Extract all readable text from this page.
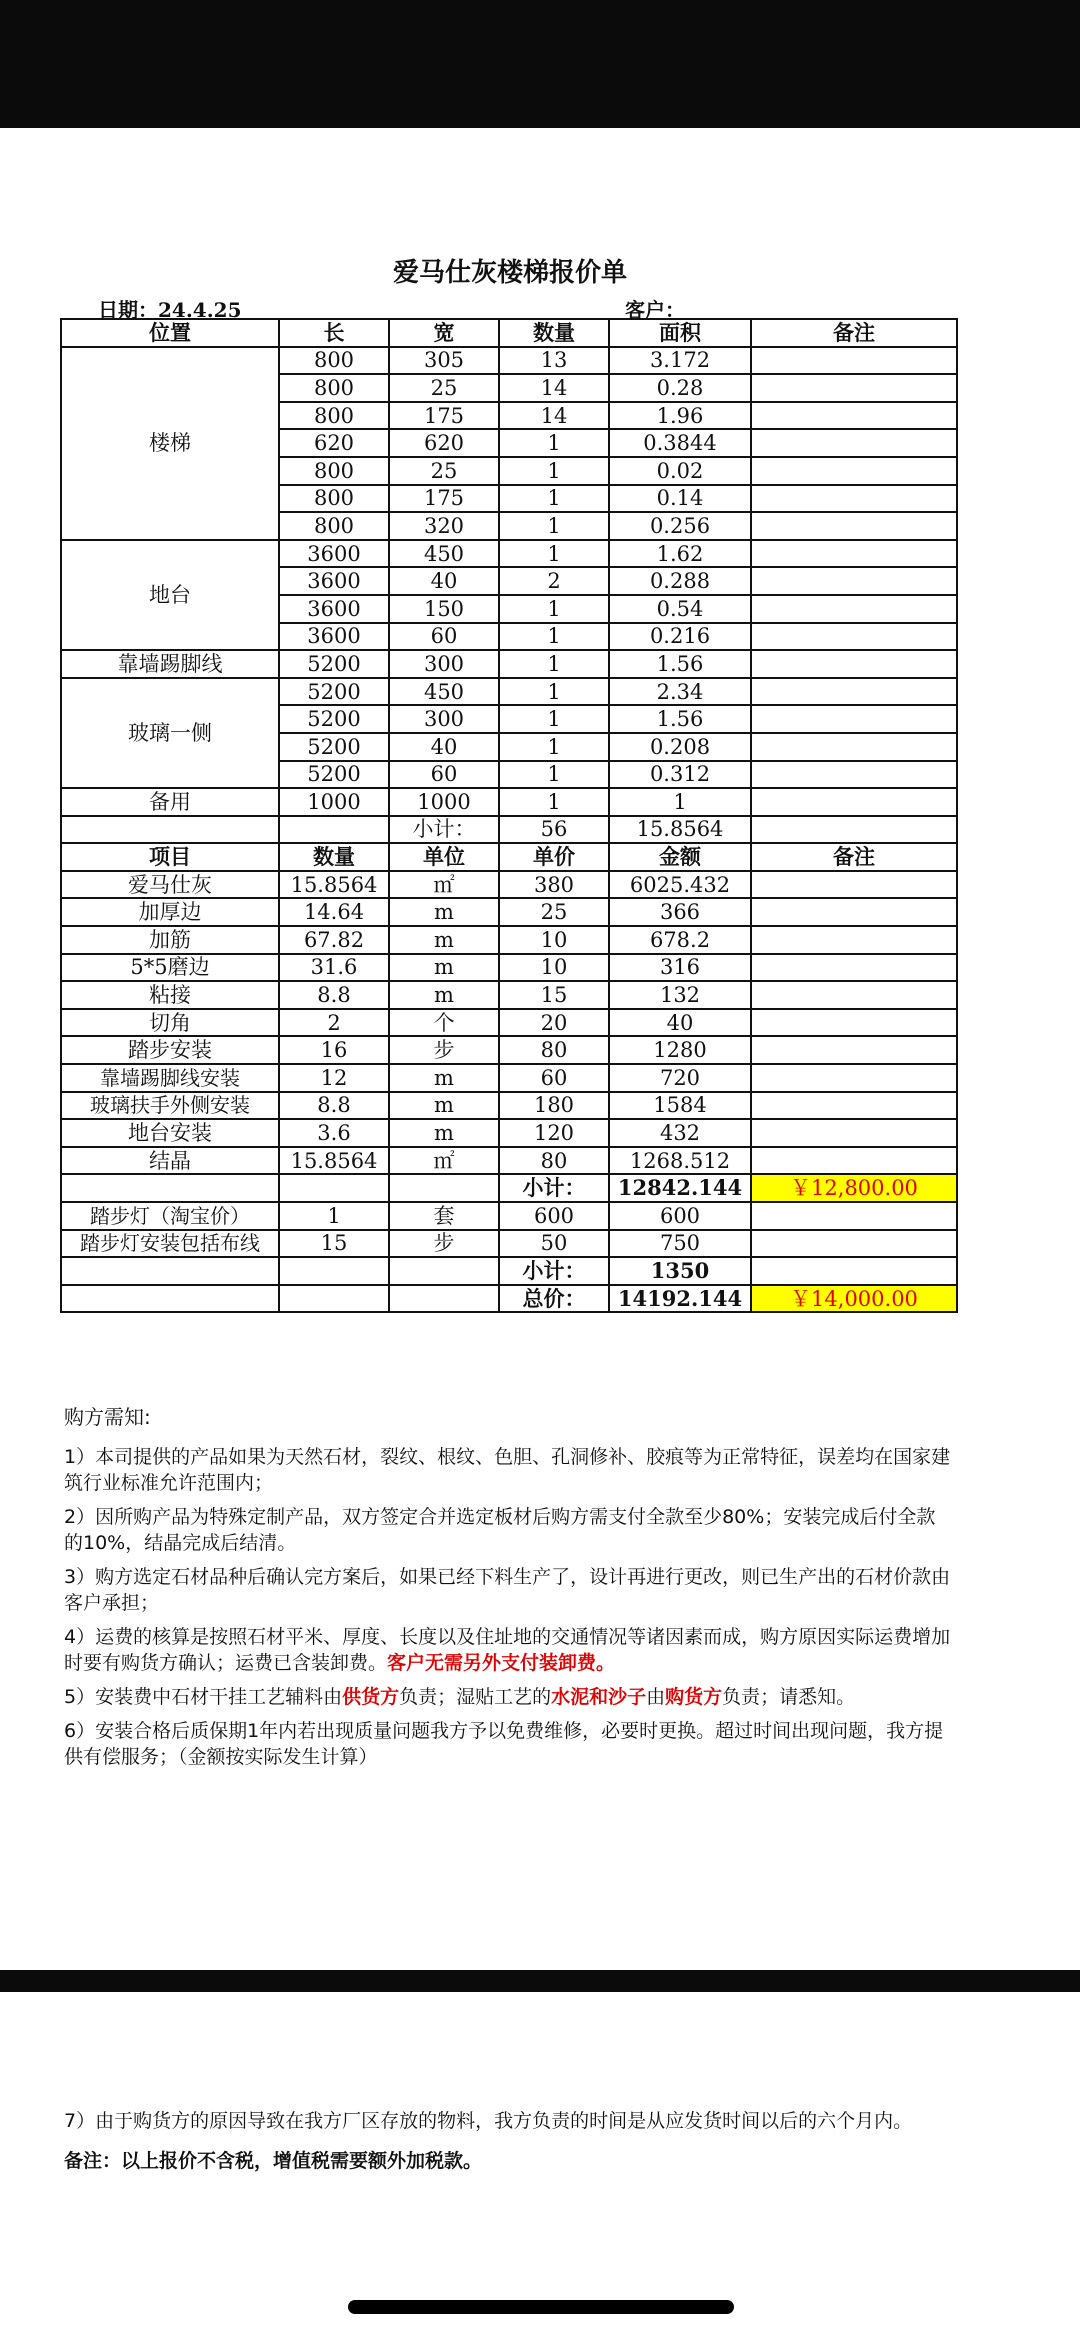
爱马仕灰楼梯报价单
日期：24.4.25	客户：
位置	长	宽	数量	面积	备注
楼梯	800	305	13	3.172	
	800	25	14	0.28	
	800	175	14	1.96	
	620	620	1	0.3844	
	800	25	1	0.02	
	800	175	1	0.14	
	800	320	1	0.256	
地台	3600	450	1	1.62	
	3600	40	2	0.288	
	3600	150	1	0.54	
	3600	60	1	0.216	
靠墙踢脚线	5200	300	1	1.56	
玻璃一侧	5200	450	1	2.34	
	5200	300	1	1.56	
	5200	40	1	0.208	
	5200	60	1	0.312	
备用	1000	1000	1	1	
		小计：	56	15.8564	
项目	数量	单位	单价	金额	备注
爱马仕灰	15.8564	㎡	380	6025.432	
加厚边	14.64	m	25	366	
加筋	67.82	m	10	678.2	
5*5磨边	31.6	m	10	316	
粘接	8.8	m	15	132	
切角	2	个	20	40	
踏步安装	16	步	80	1280	
靠墙踢脚线安装	12	m	60	720	
玻璃扶手外侧安装	8.8	m	180	1584	
地台安装	3.6	m	120	432	
结晶	15.8564	㎡	80	1268.512	
			小计：	12842.144	￥12,800.00
踏步灯（淘宝价）	1	套	600	600	
踏步灯安装包括布线	15	步	50	750	
			小计：	1350	
			总价：	14192.144	￥14,000.00

购方需知:

1）本司提供的产品如果为天然石材，裂纹、根纹、色胆、孔洞修补、胶痕等为正常特征，误差均在国家建筑行业标准允许范围内；

2）因所购产品为特殊定制产品，双方签定合并选定板材后购方需支付全款至少80%；安装完成后付全款的10%，结晶完成后结清。

3）购方选定石材品种后确认完方案后，如果已经下料生产了，设计再进行更改，则已生产出的石材价款由客户承担；

4）运费的核算是按照石材平米、厚度、长度以及住址地的交通情况等诸因素而成，购方原因实际运费增加时要有购货方确认；运费已含装卸费。客户无需另外支付装卸费。

5）安装费中石材干挂工艺辅料由供货方负责；湿贴工艺的水泥和沙子由购货方负责；请悉知。

6）安装合格后质保期1年内若出现质量问题我方予以免费维修，必要时更换。超过时间出现问题，我方提供有偿服务；（金额按实际发生计算）

7）由于购货方的原因导致在我方厂区存放的物料，我方负责的时间是从应发货时间以后的六个月内。

备注：以上报价不含税，增值税需要额外加税款。
